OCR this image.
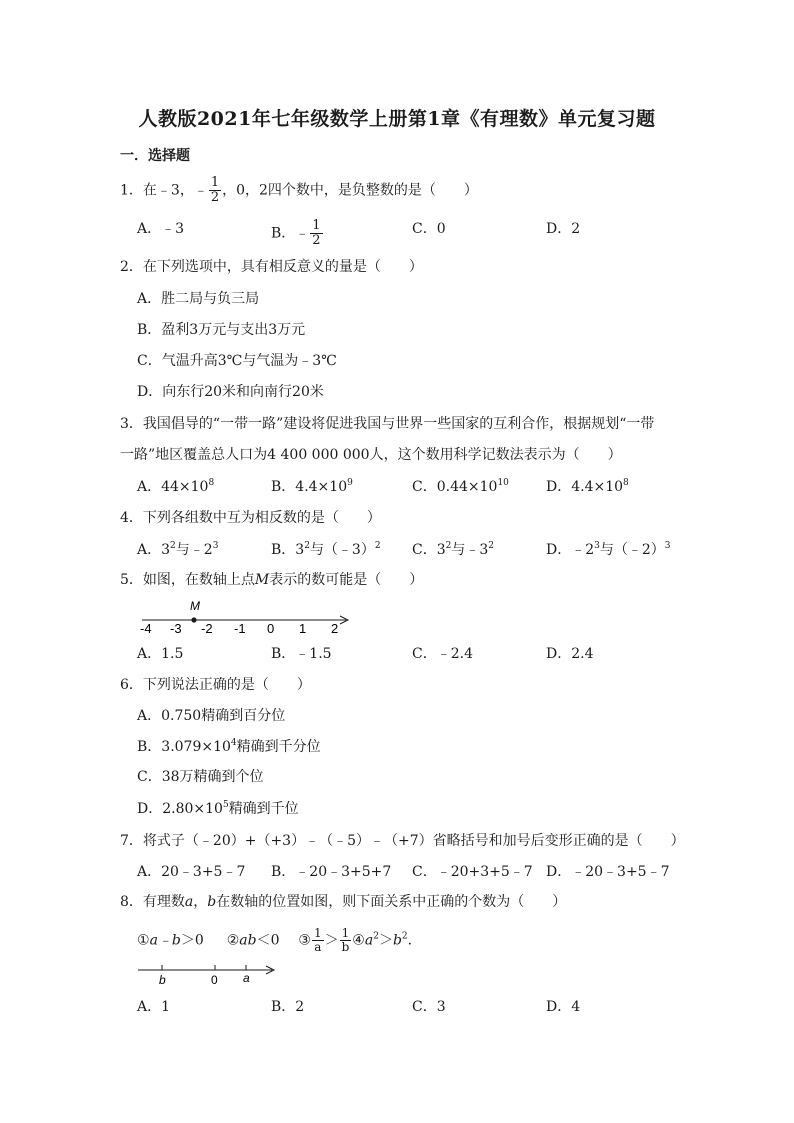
人教版2021年七年级数学上册第1章《有理数》单元复习题
一．选择题
1．在﹣3，﹣ $\frac{1}{2}$ ，0，2四个数中，是负整数的是（　　）
A．﹣3	B．﹣ $\frac{1}{2}$	C．0	D．2
2．在下列选项中，具有相反意义的量是（　　）
A．胜二局与负三局
B．盈利3万元与支出3万元
C．气温升高3℃与气温为﹣3℃
D．向东行20米和向南行20米
3．我国倡导的“一带一路”建设将促进我国与世界一些国家的互利合作，根据规划“一带
一路”地区覆盖总人口为4 400 000 000人，这个数用科学记数法表示为（　　）
A．$44\times 10^8$	B．$4.4\times 10^9$	C．$0.44\times 10^{10}$	D．$4.4\times 10^8$
4．下列各组数中互为相反数的是（　　）
A．$3^2$与$﹣2^3$	B．$3^2$与（﹣3）$^2$ C．$3^2$与$﹣3^2$	D．$﹣2^3$与（﹣2）$^3$
5．如图，在数轴上点M表示的数可能是（　　）
M
-4 -3 -2 -1 0 1 2
A．1.5	B．﹣1.5	C．﹣2.4	D．2.4
6．下列说法正确的是（　　）
A．0.750精确到百分位
B．$3.079\times 10^4$精确到千分位
C．38万精确到个位
D．$2.80\times 10^5$精确到千位
7．将式子（﹣20）+（+3）﹣（﹣5）﹣（+7）省略括号和加号后变形正确的是（　　）
A．20﹣3+5﹣7 B．﹣20﹣3+5+7 C．﹣20+3+5﹣7 D．﹣20﹣3+5﹣7
8．有理数a，b在数轴的位置如图，则下面关系中正确的个数为（　　）
①a﹣b＞0 ②ab＜0 ③ $\frac{1}{a} > \frac{1}{b}$ $④a^2>b^2$.
b	0 a
A．1	B．2	C．3	D．4
